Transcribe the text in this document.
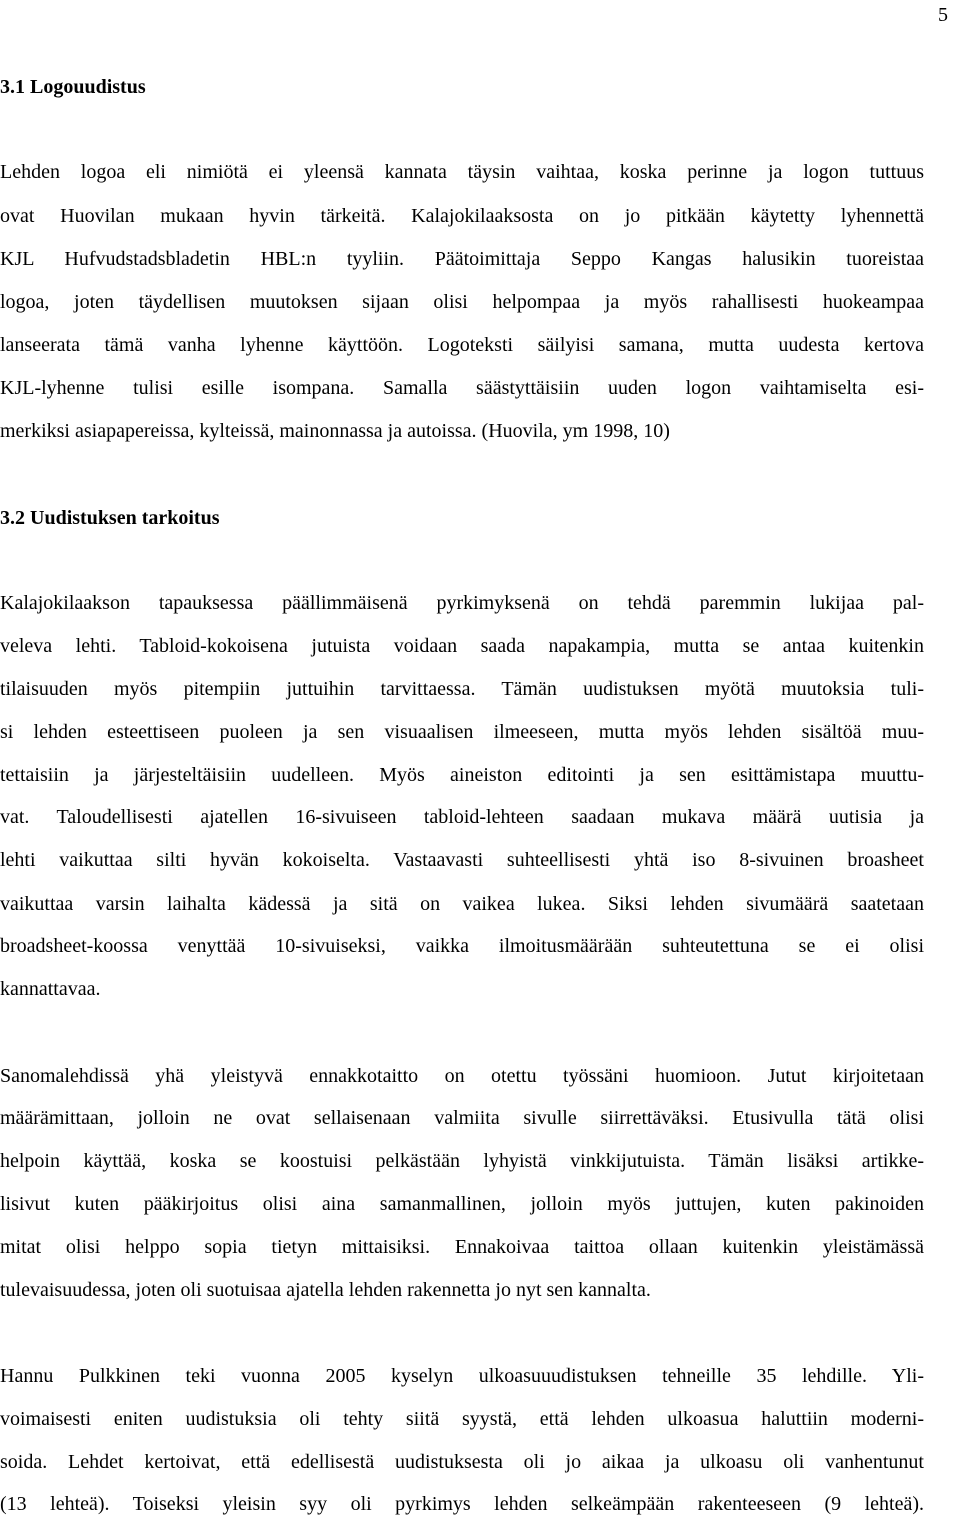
5
3.1 Logouudistus
Lehden logoa eli nimiötä ei yleensä kannata täysin vaihtaa, koska perinne ja logon tuttuus
ovat Huovilan mukaan hyvin tärkeitä. Kalajokilaaksosta on jo pitkään käytetty lyhennettä
KJL Hufvudstadsbladetin HBL:n tyyliin. Päätoimittaja Seppo Kangas halusikin tuoreistaa
logoa, joten täydellisen muutoksen sijaan olisi helpompaa ja myös rahallisesti huokeampaa
lanseerata tämä vanha lyhenne käyttöön. Logoteksti säilyisi samana, mutta uudesta kertova
KJL-lyhenne tulisi esille isompana. Samalla säästyttäisiin uuden logon vaihtamiselta esi-
merkiksi asiapapereissa, kylteissä, mainonnassa ja autoissa. (Huovila, ym 1998, 10)
3.2 Uudistuksen tarkoitus
Kalajokilaakson tapauksessa päällimmäisenä pyrkimyksenä on tehdä paremmin lukijaa pal-
veleva lehti. Tabloid-kokoisena jutuista voidaan saada napakampia, mutta se antaa kuitenkin
tilaisuuden myös pitempiin juttuihin tarvittaessa. Tämän uudistuksen myötä muutoksia tuli-
si lehden esteettiseen puoleen ja sen visuaalisen ilmeeseen, mutta myös lehden sisältöä muu-
tettaisiin ja järjesteltäisiin uudelleen. Myös aineiston editointi ja sen esittämistapa muuttu-
vat. Taloudellisesti ajatellen 16-sivuiseen tabloid-lehteen saadaan mukava määrä uutisia ja
lehti vaikuttaa silti hyvän kokoiselta. Vastaavasti suhteellisesti yhtä iso 8-sivuinen broasheet
vaikuttaa varsin laihalta kädessä ja sitä on vaikea lukea. Siksi lehden sivumäärä saatetaan
broadsheet-koossa venyttää 10-sivuiseksi, vaikka ilmoitusmäärään suhteutettuna se ei olisi
kannattavaa.
Sanomalehdissä yhä yleistyvä ennakkotaitto on otettu työssäni huomioon. Jutut kirjoitetaan
määrämittaan, jolloin ne ovat sellaisenaan valmiita sivulle siirrettäväksi. Etusivulla tätä olisi
helpoin käyttää, koska se koostuisi pelkästään lyhyistä vinkkijutuista. Tämän lisäksi artikke-
lisivut kuten pääkirjoitus olisi aina samanmallinen, jolloin myös juttujen, kuten pakinoiden
mitat olisi helppo sopia tietyn mittaisiksi. Ennakoivaa taittoa ollaan kuitenkin yleistämässä
tulevaisuudessa, joten oli suotuisaa ajatella lehden rakennetta jo nyt sen kannalta.
Hannu Pulkkinen teki vuonna 2005 kyselyn ulkoasuuudistuksen tehneille 35 lehdille. Yli-
voimaisesti eniten uudistuksia oli tehty siitä syystä, että lehden ulkoasua haluttiin moderni-
soida. Lehdet kertoivat, että edellisestä uudistuksesta oli jo aikaa ja ulkoasu oli vanhentunut
(13 lehteä). Toiseksi yleisin syy oli pyrkimys lehden selkeämpään rakenteeseen (9 lehteä).
